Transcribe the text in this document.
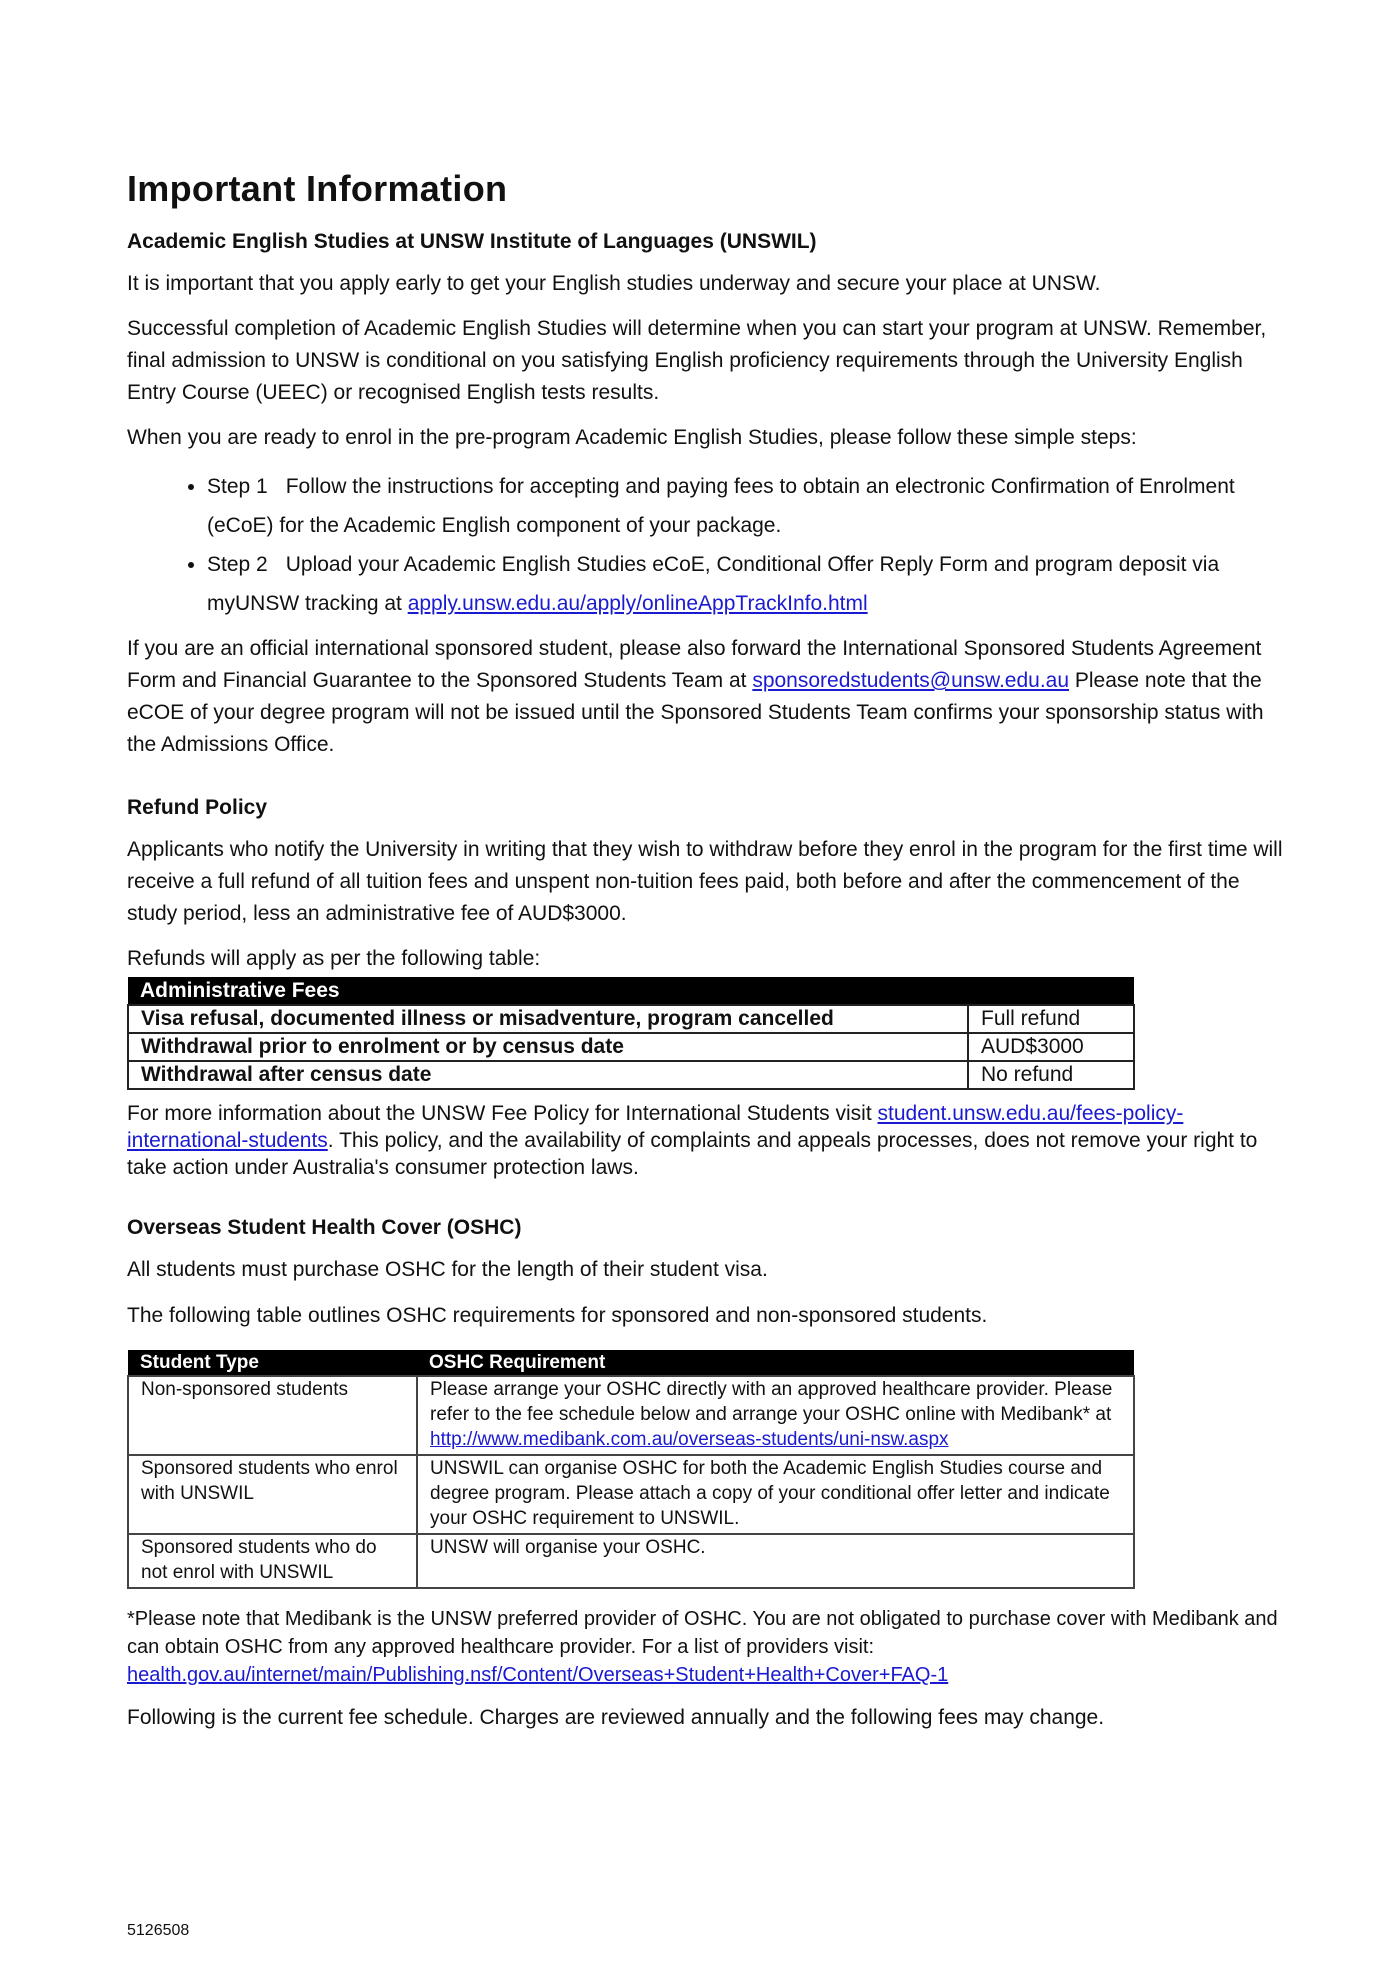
Important Information
Academic English Studies at UNSW Institute of Languages (UNSWIL)

It is important that you apply early to get your English studies underway and secure your place at UNSW.

Successful completion of Academic English Studies will determine when you can start your program at UNSW. Remember, final admission to UNSW is conditional on you satisfying English proficiency requirements through the University English Entry Course (UEEC) or recognised English tests results.

When you are ready to enrol in the pre-program Academic English Studies, please follow these simple steps:

• Step 1 Follow the instructions for accepting and paying fees to obtain an electronic Confirmation of Enrolment (eCoE) for the Academic English component of your package.
• Step 2 Upload your Academic English Studies eCoE, Conditional Offer Reply Form and program deposit via myUNSW tracking at apply.unsw.edu.au/apply/onlineAppTrackInfo.html

If you are an official international sponsored student, please also forward the International Sponsored Students Agreement Form and Financial Guarantee to the Sponsored Students Team at sponsoredstudents@unsw.edu.au Please note that the eCOE of your degree program will not be issued until the Sponsored Students Team confirms your sponsorship status with the Admissions Office.

Refund Policy

Applicants who notify the University in writing that they wish to withdraw before they enrol in the program for the first time will receive a full refund of all tuition fees and unspent non-tuition fees paid, both before and after the commencement of the study period, less an administrative fee of AUD$3000.

Refunds will apply as per the following table:

Administrative Fees	
Visa refusal, documented illness or misadventure, program cancelled	Full refund
Withdrawal prior to enrolment or by census date	AUD$3000
Withdrawal after census date	No refund

For more information about the UNSW Fee Policy for International Students visit student.unsw.edu.au/fees-policy-international-students. This policy, and the availability of complaints and appeals processes, does not remove your right to take action under Australia's consumer protection laws.

Overseas Student Health Cover (OSHC)

All students must purchase OSHC for the length of their student visa.

The following table outlines OSHC requirements for sponsored and non-sponsored students.

Student Type	OSHC Requirement
Non-sponsored students	Please arrange your OSHC directly with an approved healthcare provider. Please refer to the fee schedule below and arrange your OSHC online with Medibank* at http://www.medibank.com.au/overseas-students/uni-nsw.aspx
Sponsored students who enrol with UNSWIL	UNSWIL can organise OSHC for both the Academic English Studies course and degree program. Please attach a copy of your conditional offer letter and indicate your OSHC requirement to UNSWIL.
Sponsored students who do not enrol with UNSWIL	UNSW will organise your OSHC.

*Please note that Medibank is the UNSW preferred provider of OSHC. You are not obligated to purchase cover with Medibank and can obtain OSHC from any approved healthcare provider. For a list of providers visit:
health.gov.au/internet/main/Publishing.nsf/Content/Overseas+Student+Health+Cover+FAQ-1

Following is the current fee schedule. Charges are reviewed annually and the following fees may change.

5126508
